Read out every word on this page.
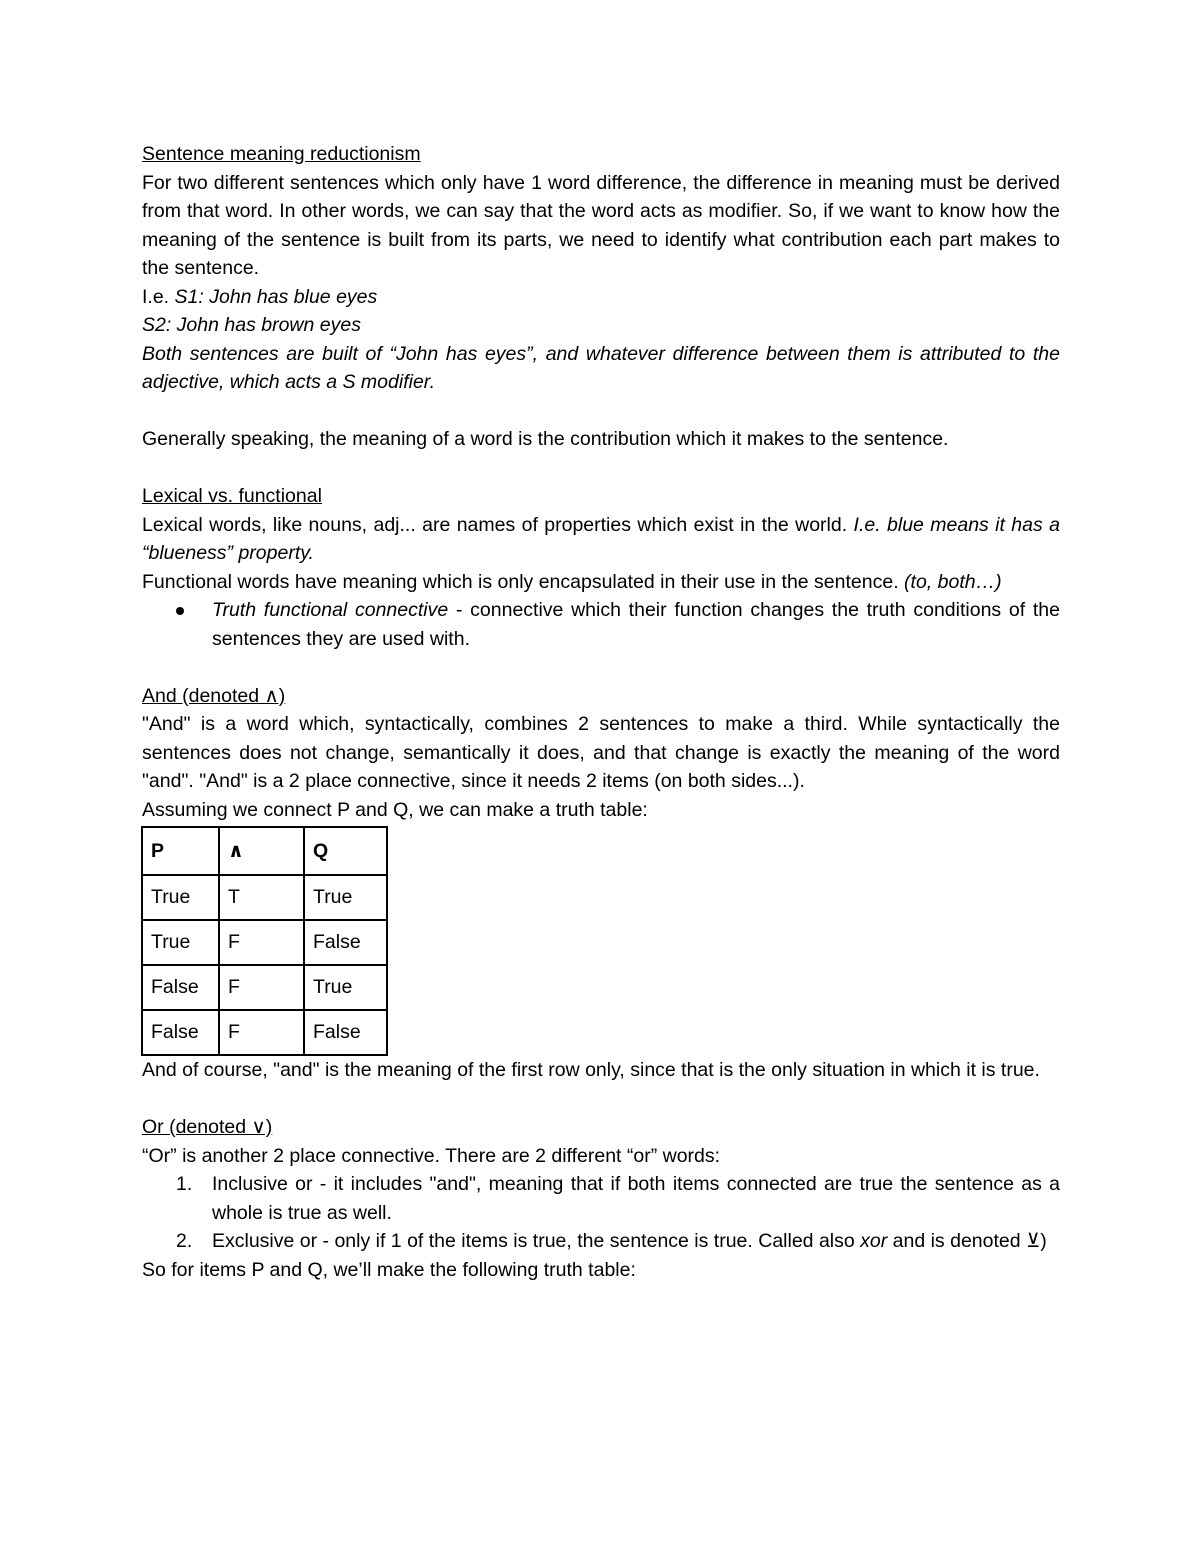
Sentence meaning reductionism

For two different sentences which only have 1 word difference, the difference in meaning must be derived from that word. In other words, we can say that the word acts as modifier. So, if we want to know how the meaning of the sentence is built from its parts, we need to identify what contribution each part makes to the sentence.

I.e. S1: John has blue eyes

S2: John has brown eyes

Both sentences are built of “John has eyes”, and whatever difference between them is attributed to the adjective, which acts a S modifier.

Generally speaking, the meaning of a word is the contribution which it makes to the sentence.

Lexical vs. functional

Lexical words, like nouns, adj... are names of properties which exist in the world. I.e. blue means it has a “blueness” property.

Functional words have meaning which is only encapsulated in their use in the sentence. (to, both…)

Truth functional connective - connective which their function changes the truth conditions of the sentences they are used with.

And (denoted ∧)

"And" is a word which, syntactically, combines 2 sentences to make a third. While syntactically the sentences does not change, semantically it does, and that change is exactly the meaning of the word "and". "And" is a 2 place connective, since it needs 2 items (on both sides...).

Assuming we connect P and Q, we can make a truth table:

P	∧	Q
True	T	True
True	F	False
False	F	True
False	F	False

And of course, "and" is the meaning of the first row only, since that is the only situation in which it is true.

Or (denoted ∨)

“Or” is another 2 place connective. There are 2 different “or” words:

1. Inclusive or - it includes "and", meaning that if both items connected are true the sentence as a whole is true as well.
2. Exclusive or - only if 1 of the items is true, the sentence is true. Called also xor and is denoted ⊻)

So for items P and Q, we’ll make the following truth table:
